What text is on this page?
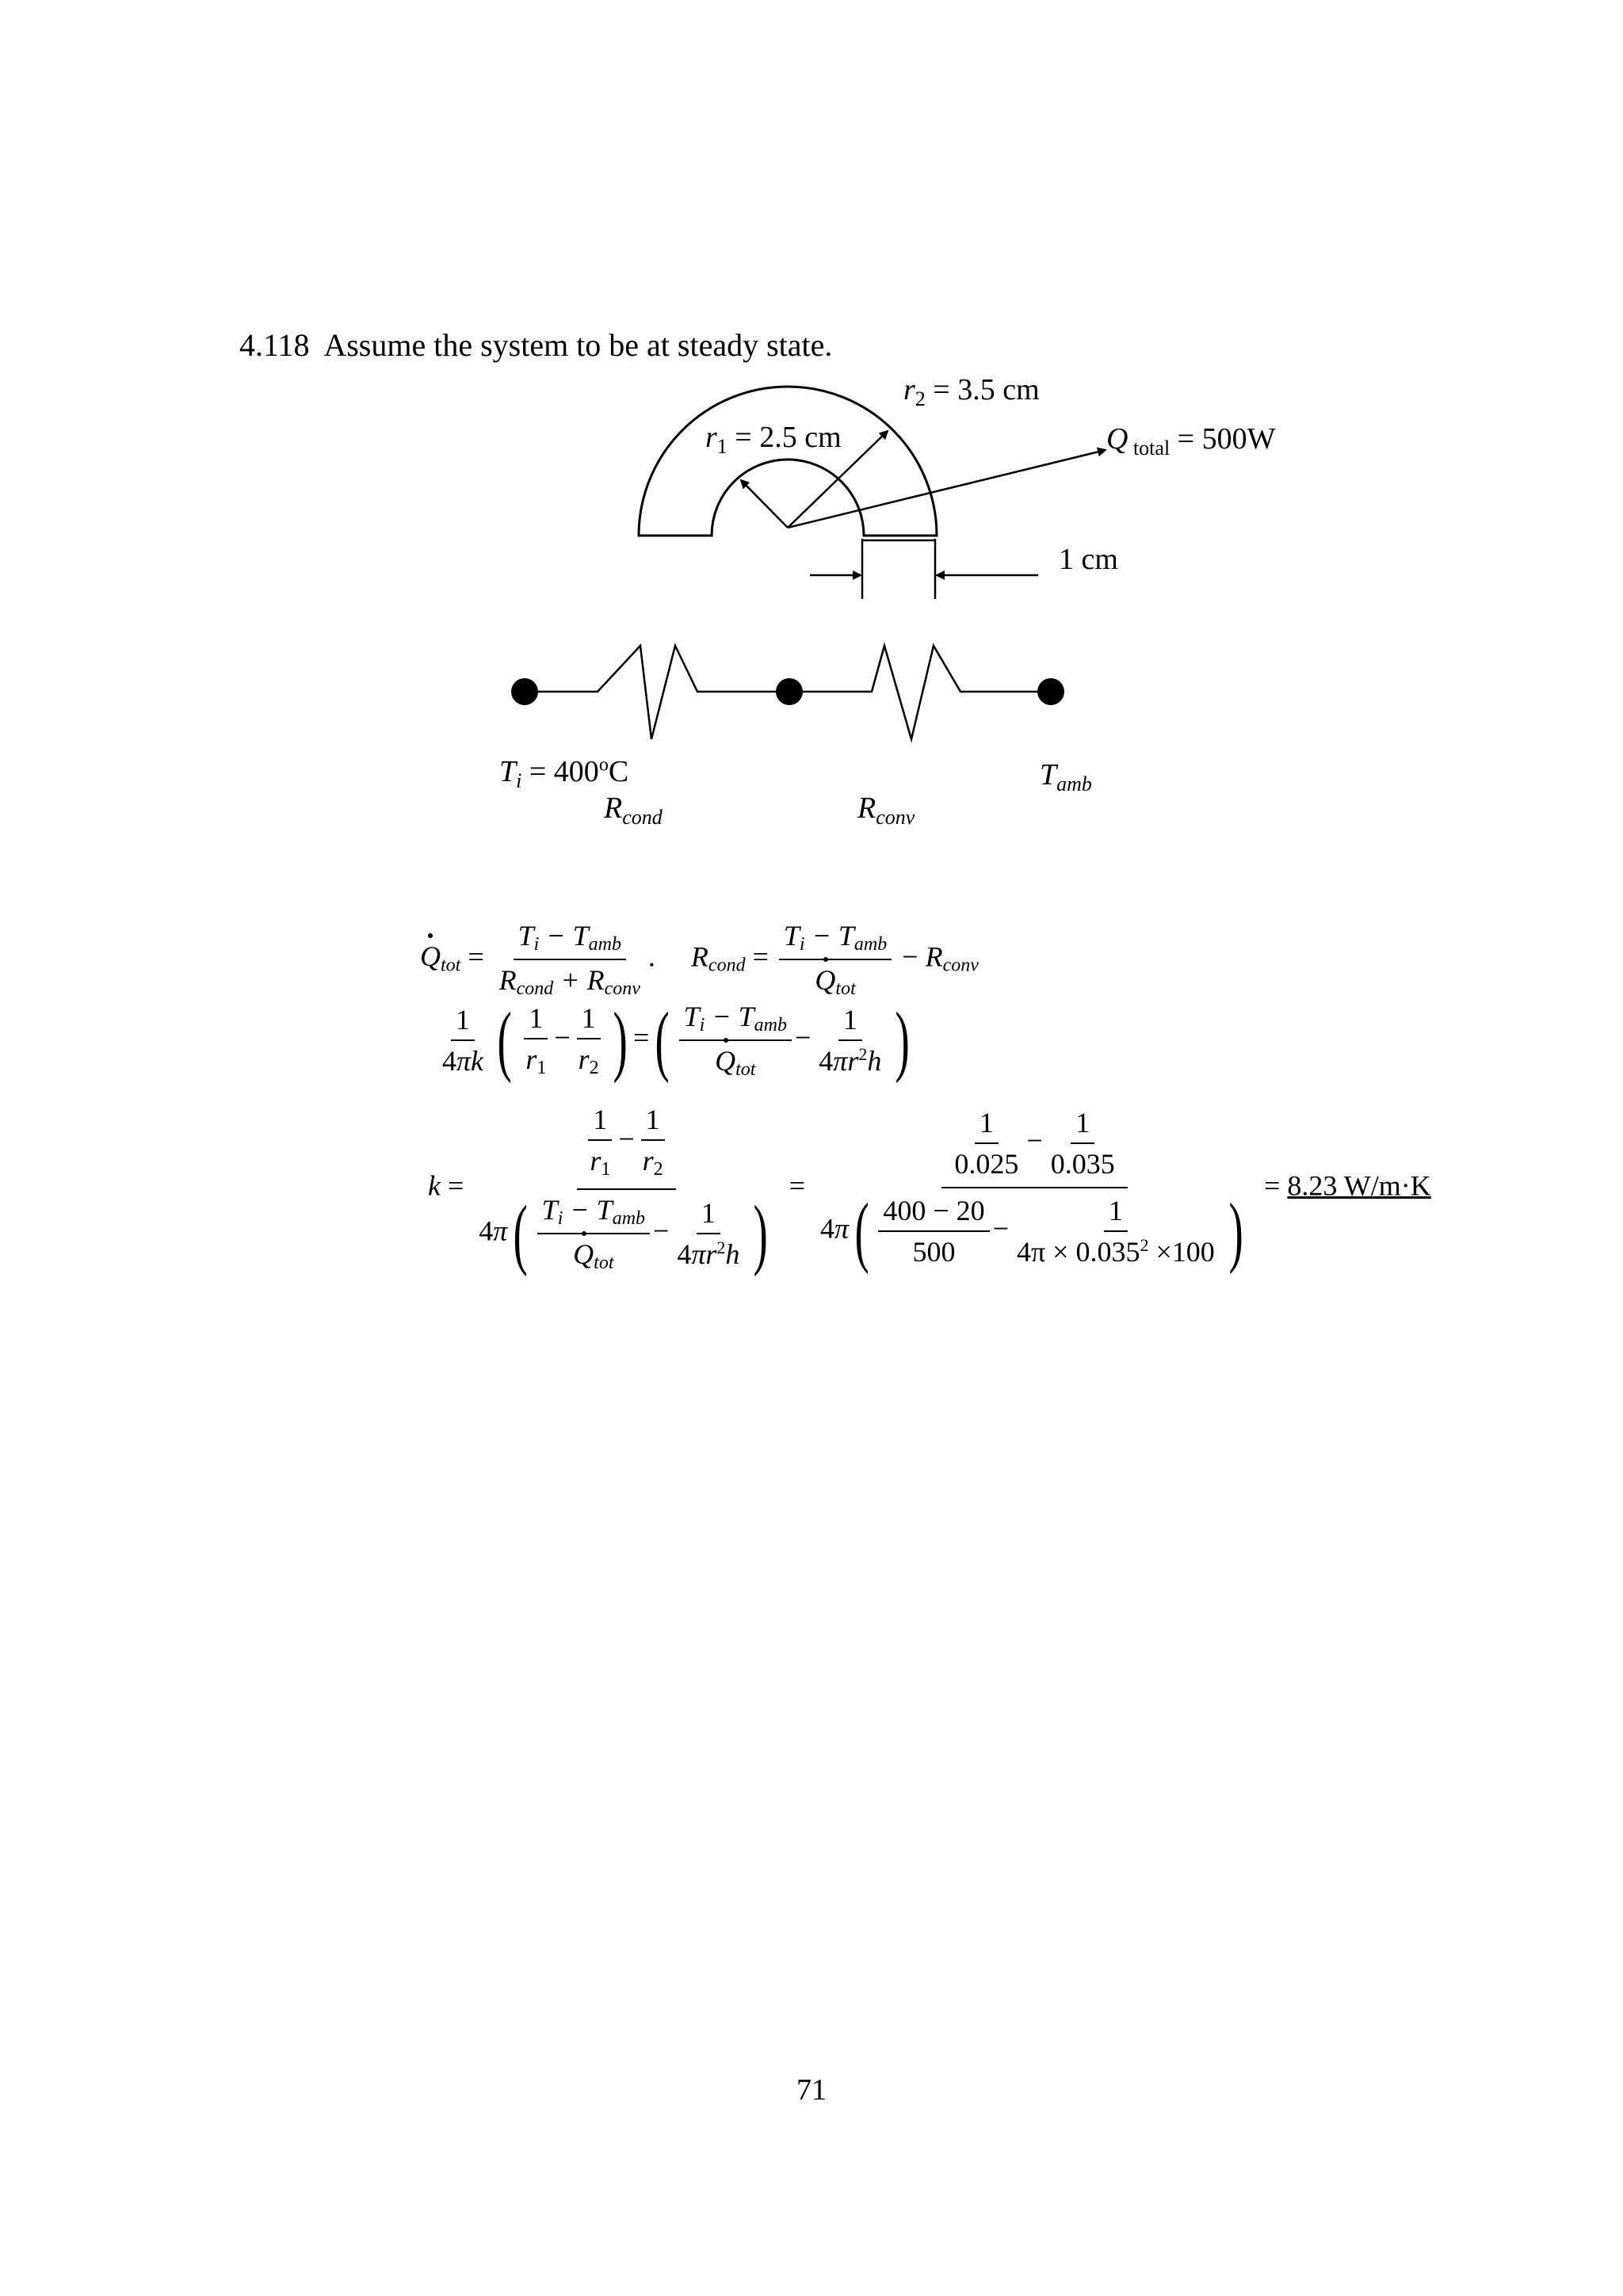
4.118 Assume the system to be at steady state.
$r_1 = 2.5$ cm
$r_2 = 3.5$ cm
Q $_{total}$ = 500W
1 cm
$T_i = 400^oC$	$T_{amb}$
$R_{cond}$	$R_{conv}$
Qtot = $\frac{\text{Ti − Tamb}}{\text{Rcond + Rconv}}$ .     Rcond = $\frac{\text{Ti − Tamb}}{\text{Qtot}}$ − Rconv
$\frac{1}{4\pi k}$ ( $\frac{1}{r1} - \frac{1}{r2}$ ) =( $\frac{\text{Ti − Tamb}}{\text{Qtot}} - \frac{1}{4\pi r^2h}$ )
$k = \frac{\frac{1}{r1} - \frac{1}{r2}}{4\pi( \frac{\text{Ti − Tamb}}{\text{Qtot}} - \frac{1}{4\pi r^2h} )} = \frac{\frac{1}{0.025} - \frac{1}{0.035}}{4\pi( \frac{400 - 20}{500} - \frac{1}{4\pi \times 0.035^2 \times 100} )} = 8.23$ W/m·K
71
